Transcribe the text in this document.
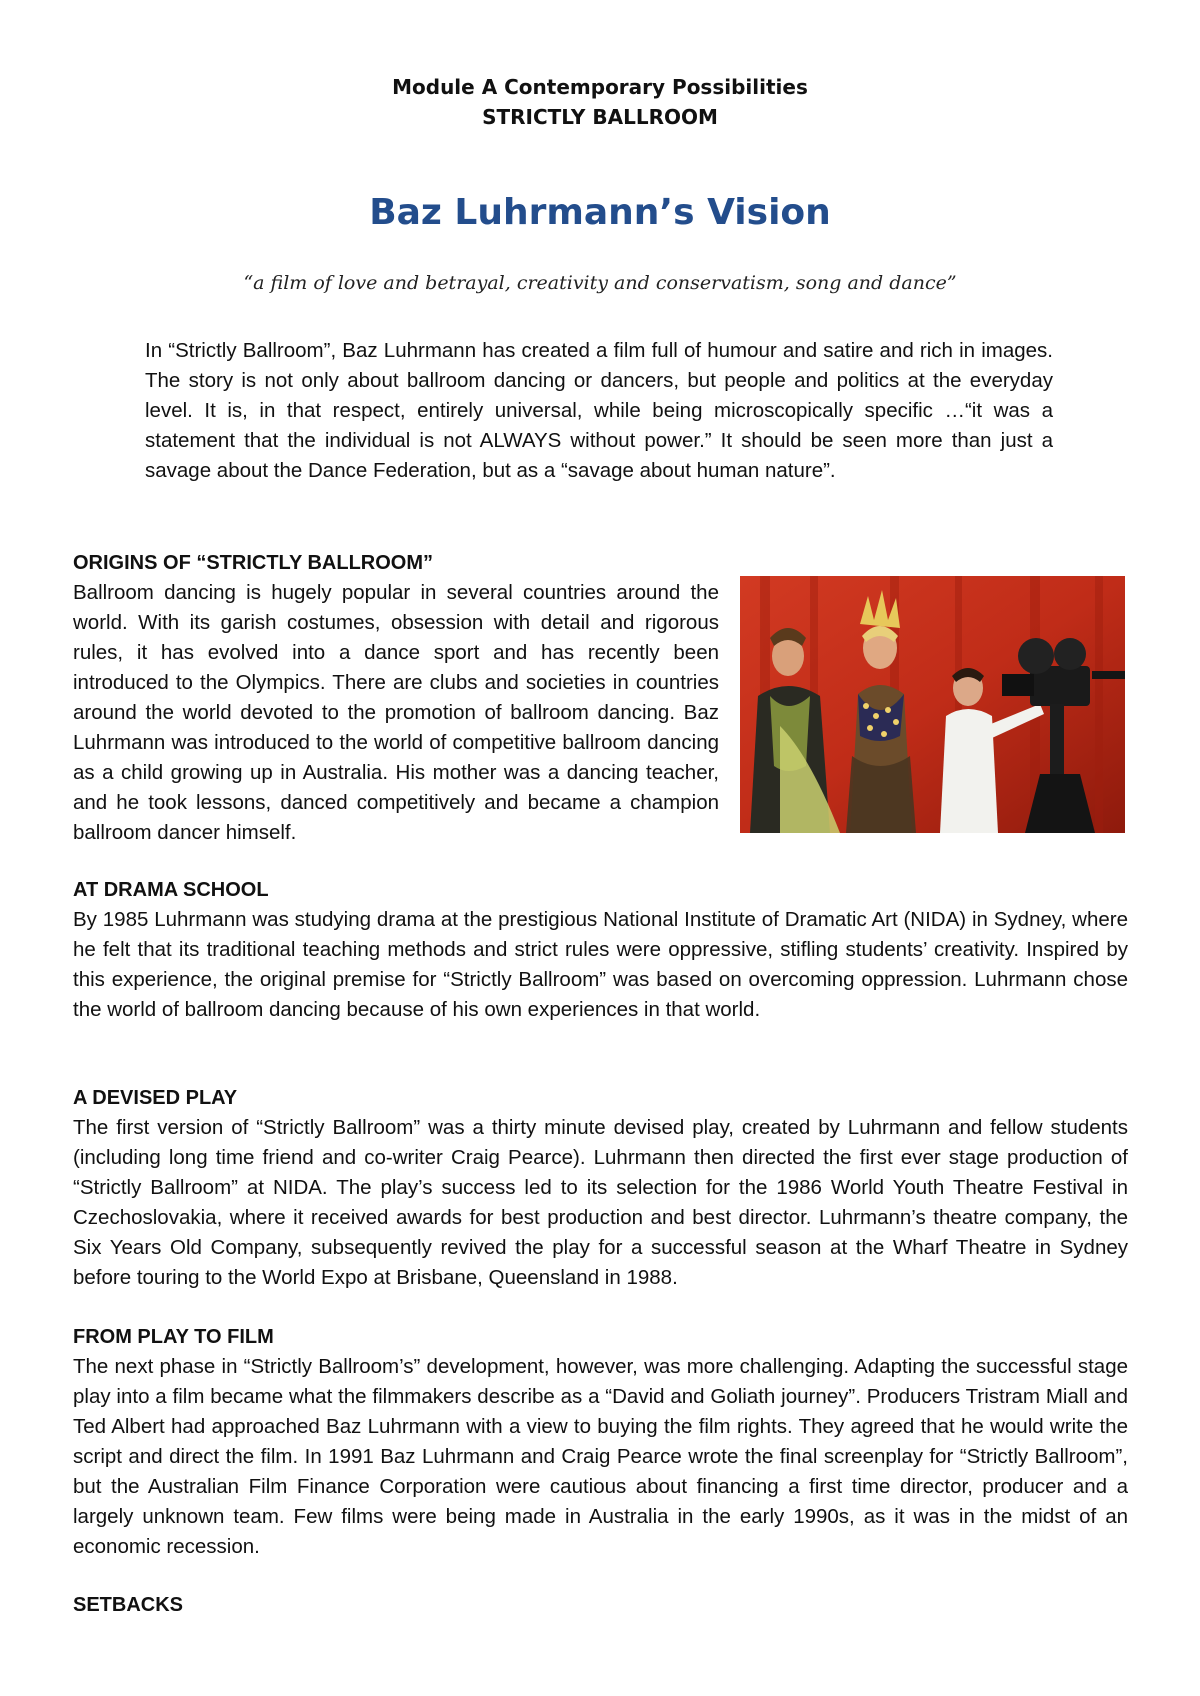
Module A Contemporary Possibilities
STRICTLY BALLROOM
Baz Luhrmann’s Vision
“a film of love and betrayal, creativity and conservatism, song and dance”

In “Strictly Ballroom”, Baz Luhrmann has created a film full of humour and satire and rich in images. The story is not only about ballroom dancing or dancers, but people and politics at the everyday level. It is, in that respect, entirely universal, while being microscopically specific …“it was a statement that the individual is not ALWAYS without power.” It should be seen more than just a savage about the Dance Federation, but as a “savage about human nature”.

ORIGINS OF “STRICTLY BALLROOM”

Ballroom dancing is hugely popular in several countries around the world. With its garish costumes, obsession with detail and rigorous rules, it has evolved into a dance sport and has recently been introduced to the Olympics. There are clubs and societies in countries around the world devoted to the promotion of ballroom dancing. Baz Luhrmann was introduced to the world of competitive ballroom dancing as a child growing up in Australia. His mother was a dancing teacher, and he took lessons, danced competitively and became a champion ballroom dancer himself.

AT DRAMA SCHOOL

By 1985 Luhrmann was studying drama at the prestigious National Institute of Dramatic Art (NIDA) in Sydney, where he felt that its traditional teaching methods and strict rules were oppressive, stifling students’ creativity. Inspired by this experience, the original premise for “Strictly Ballroom” was based on overcoming oppression. Luhrmann chose the world of ballroom dancing because of his own experiences in that world.

A DEVISED PLAY

The first version of “Strictly Ballroom” was a thirty minute devised play, created by Luhrmann and fellow students (including long time friend and co-writer Craig Pearce). Luhrmann then directed the first ever stage production of “Strictly Ballroom” at NIDA. The play’s success led to its selection for the 1986 World Youth Theatre Festival in Czechoslovakia, where it received awards for best production and best director. Luhrmann’s theatre company, the Six Years Old Company, subsequently revived the play for a successful season at the Wharf Theatre in Sydney before touring to the World Expo at Brisbane, Queensland in 1988.

FROM PLAY TO FILM

The next phase in “Strictly Ballroom’s” development, however, was more challenging. Adapting the successful stage play into a film became what the filmmakers describe as a “David and Goliath journey”. Producers Tristram Miall and Ted Albert had approached Baz Luhrmann with a view to buying the film rights. They agreed that he would write the script and direct the film. In 1991 Baz Luhrmann and Craig Pearce wrote the final screenplay for “Strictly Ballroom”, but the Australian Film Finance Corporation were cautious about financing a first time director, producer and a largely unknown team. Few films were being made in Australia in the early 1990s, as it was in the midst of an economic recession.

SETBACKS
